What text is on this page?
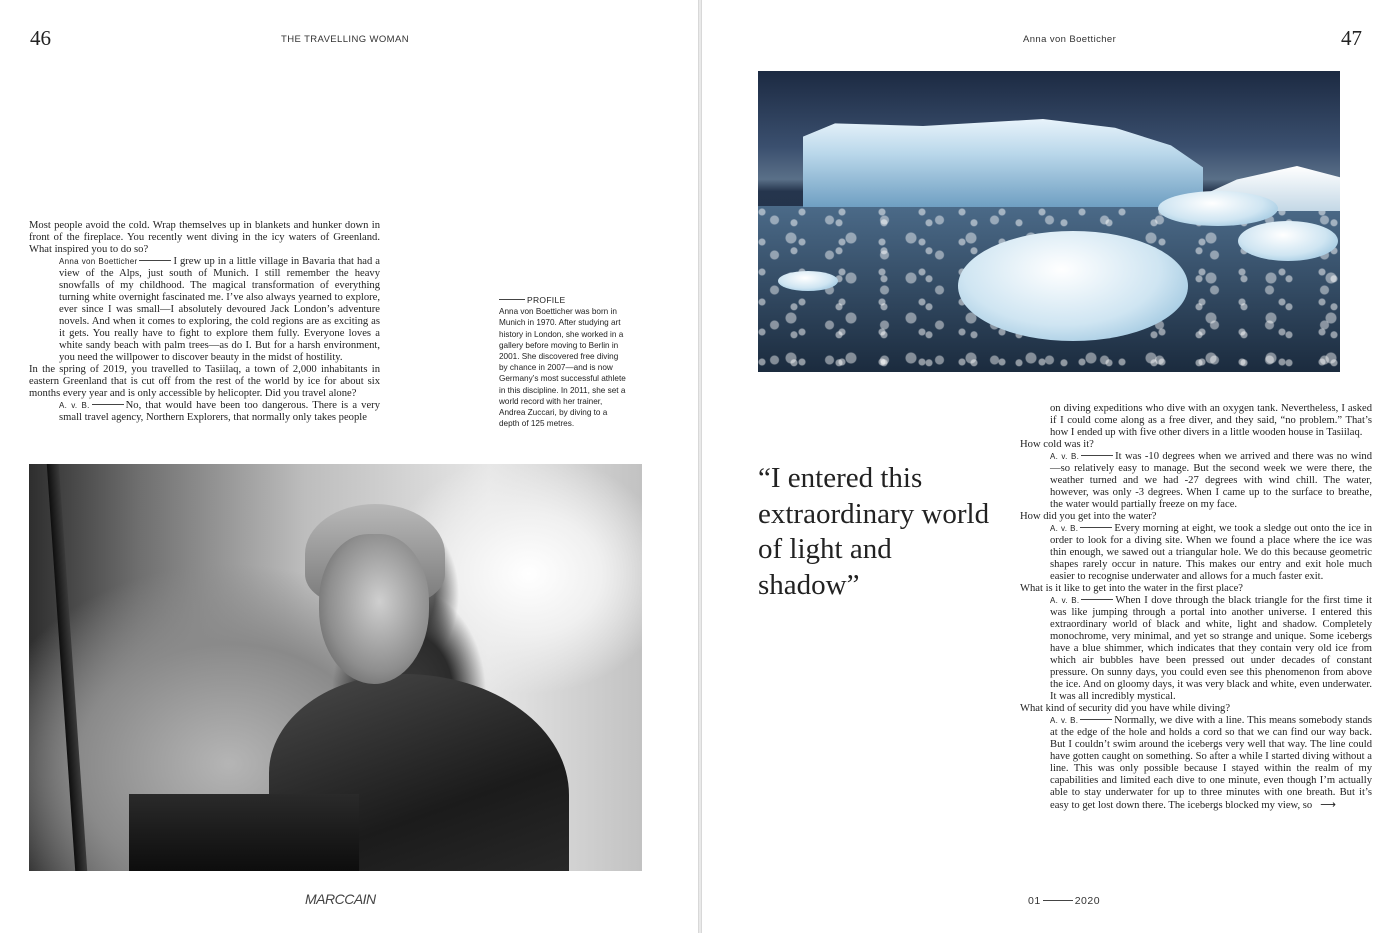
46	THE TRAVELLING WOMAN

Most people avoid the cold. Wrap themselves up in blankets and hunker down in front of the fireplace. You recently went diving in the icy waters of Greenland. What inspired you to do so?

Anna von Boetticher	I grew up in a little village in Bavaria that had a view of the Alps, just south of Munich. I still remember the heavy snowfalls of my childhood. The magical transformation of everything turning white overnight fascinated me. I’ve also always yearned to explore, ever since I was small—I absolutely devoured Jack London’s adventure novels. And when it comes to exploring, the cold regions are as exciting as it gets. You really have to fight to explore them fully. Everyone loves a white sandy beach with palm trees—as do I. But for a harsh environment, you need the willpower to discover beauty in the midst of hostility.

In the spring of 2019, you travelled to Tasiilaq, a town of 2,000 inhabitants in eastern Greenland that is cut off from the rest of the world by ice for about six months every year and is only accessible by helicopter. Did you travel alone?

A. v. B.	No, that would have been too dangerous. There is a very small travel agency, Northern Explorers, that normally only takes people

PROFILE
Anna von Boetticher was born in Munich in 1970. After studying art history in London, she worked in a gallery before moving to Berlin in 2001. She discovered free diving by chance in 2007—and is now Germany’s most successful athlete in this discipline. In 2011, she set a world record with her trainer, Andrea Zuccari, by diving to a depth of 125 metres.
MARCCAIN
Anna von Boetticher	47
“I entered this extraordinary world of light and shadow”

on diving expeditions who dive with an oxygen tank. Nevertheless, I asked if I could come along as a free diver, and they said, “no problem.” That’s how I ended up with five other divers in a little wooden house in Tasiilaq.

How cold was it?

A. v. B.	It was -10 degrees when we arrived and there was no wind—so relatively easy to manage. But the second week we were there, the weather turned and we had -27 degrees with wind chill. The water, however, was only -3 degrees. When I came up to the surface to breathe, the water would partially freeze on my face.

How did you get into the water?

A. v. B.	Every morning at eight, we took a sledge out onto the ice in order to look for a diving site. When we found a place where the ice was thin enough, we sawed out a triangular hole. We do this because geometric shapes rarely occur in nature. This makes our entry and exit hole much easier to recognise underwater and allows for a much faster exit.

What is it like to get into the water in the first place?

A. v. B.	When I dove through the black triangle for the first time it was like jumping through a portal into another universe. I entered this extraordinary world of black and white, light and shadow. Completely monochrome, very minimal, and yet so strange and unique. Some icebergs have a blue shimmer, which indicates that they contain very old ice from which air bubbles have been pressed out under decades of constant pressure. On sunny days, you could even see this phenomenon from above the ice. And on gloomy days, it was very black and white, even underwater. It was all incredibly mystical.

What kind of security did you have while diving?

A. v. B.	Normally, we dive with a line. This means somebody stands at the edge of the hole and holds a cord so that we can find our way back. But I couldn’t swim around the icebergs very well that way. The line could have gotten caught on something. So after a while I started diving without a line. This was only possible because I stayed within the realm of my capabilities and limited each dive to one minute, even though I’m actually able to stay underwater for up to three minutes with one breath. But it’s easy to get lost down there. The icebergs blocked my view, so ⟶

01	2020
